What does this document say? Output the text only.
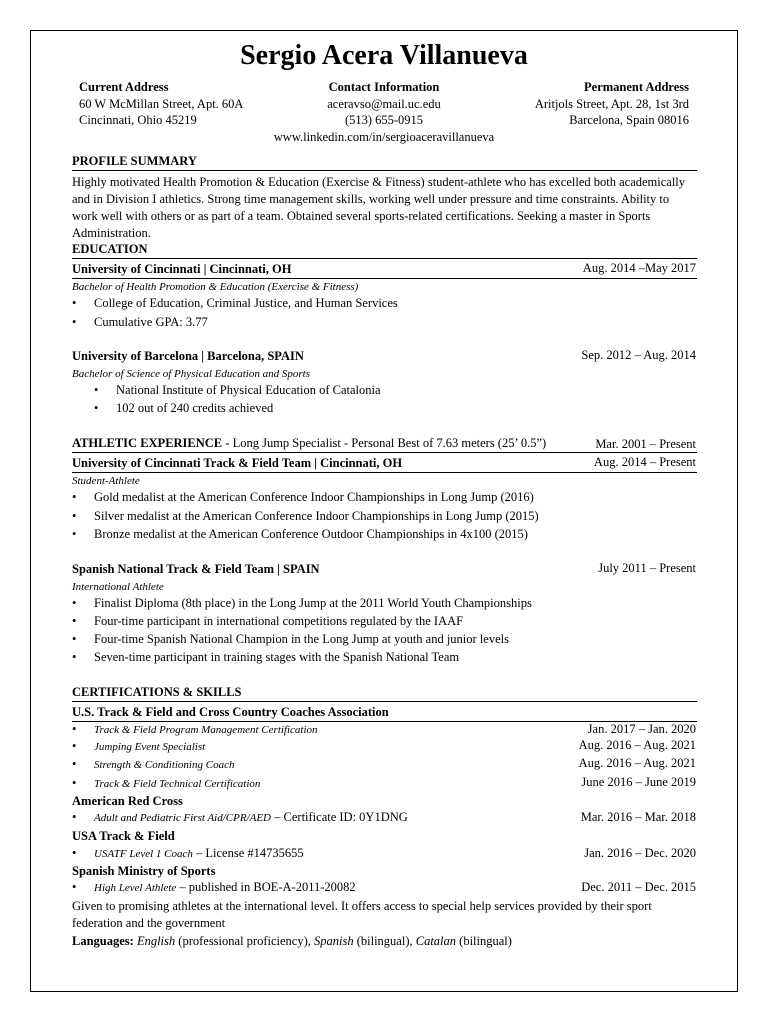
Sergio Acera Villanueva
Current Address
60 W McMillan Street, Apt. 60A
Cincinnati, Ohio 45219
Contact Information
aceravso@mail.uc.edu
(513) 655-0915
www.linkedin.com/in/sergioaceravillanueva
Permanent Address
Aritjols Street, Apt. 28, 1st 3rd
Barcelona, Spain 08016
PROFILE SUMMARY
Highly motivated Health Promotion & Education (Exercise & Fitness) student-athlete who has excelled both academically and in Division I athletics. Strong time management skills, working well under pressure and time constraints. Ability to work well with others or as part of a team. Obtained several sports-related certifications. Seeking a master in Sports Administration.
EDUCATION
University of Cincinnati | Cincinnati, OH	Aug. 2014 –May 2017
Bachelor of Health Promotion & Education (Exercise & Fitness)
• College of Education, Criminal Justice, and Human Services
• Cumulative GPA: 3.77
University of Barcelona | Barcelona, SPAIN	Sep. 2012 – Aug. 2014
Bachelor of Science of Physical Education and Sports
• National Institute of Physical Education of Catalonia
• 102 out of 240 credits achieved
ATHLETIC EXPERIENCE - Long Jump Specialist - Personal Best of 7.63 meters (25’ 0.5”)	Mar. 2001 – Present
University of Cincinnati Track & Field Team | Cincinnati, OH	Aug. 2014 – Present
Student-Athlete
• Gold medalist at the American Conference Indoor Championships in Long Jump (2016)
• Silver medalist at the American Conference Indoor Championships in Long Jump (2015)
• Bronze medalist at the American Conference Outdoor Championships in 4x100 (2015)
Spanish National Track & Field Team | SPAIN	July 2011 – Present
International Athlete
• Finalist Diploma (8th place) in the Long Jump at the 2011 World Youth Championships
• Four-time participant in international competitions regulated by the IAAF
• Four-time Spanish National Champion in the Long Jump at youth and junior levels
• Seven-time participant in training stages with the Spanish National Team
CERTIFICATIONS & SKILLS
U.S. Track & Field and Cross Country Coaches Association
• Track & Field Program Management Certification	Jan. 2017 – Jan. 2020
• Jumping Event Specialist	Aug. 2016 – Aug. 2021
• Strength & Conditioning Coach	Aug. 2016 – Aug. 2021
• Track & Field Technical Certification	June 2016 – June 2019
American Red Cross
• Adult and Pediatric First Aid/CPR/AED – Certificate ID: 0Y1DNG	Mar. 2016 – Mar. 2018
USA Track & Field
• USATF Level 1 Coach – License #14735655	Jan. 2016 – Dec. 2020
Spanish Ministry of Sports
• High Level Athlete – published in BOE-A-2011-20082	Dec. 2011 – Dec. 2015
Given to promising athletes at the international level. It offers access to special help services provided by their sport federation and the government
Languages: English (professional proficiency), Spanish (bilingual), Catalan (bilingual)
